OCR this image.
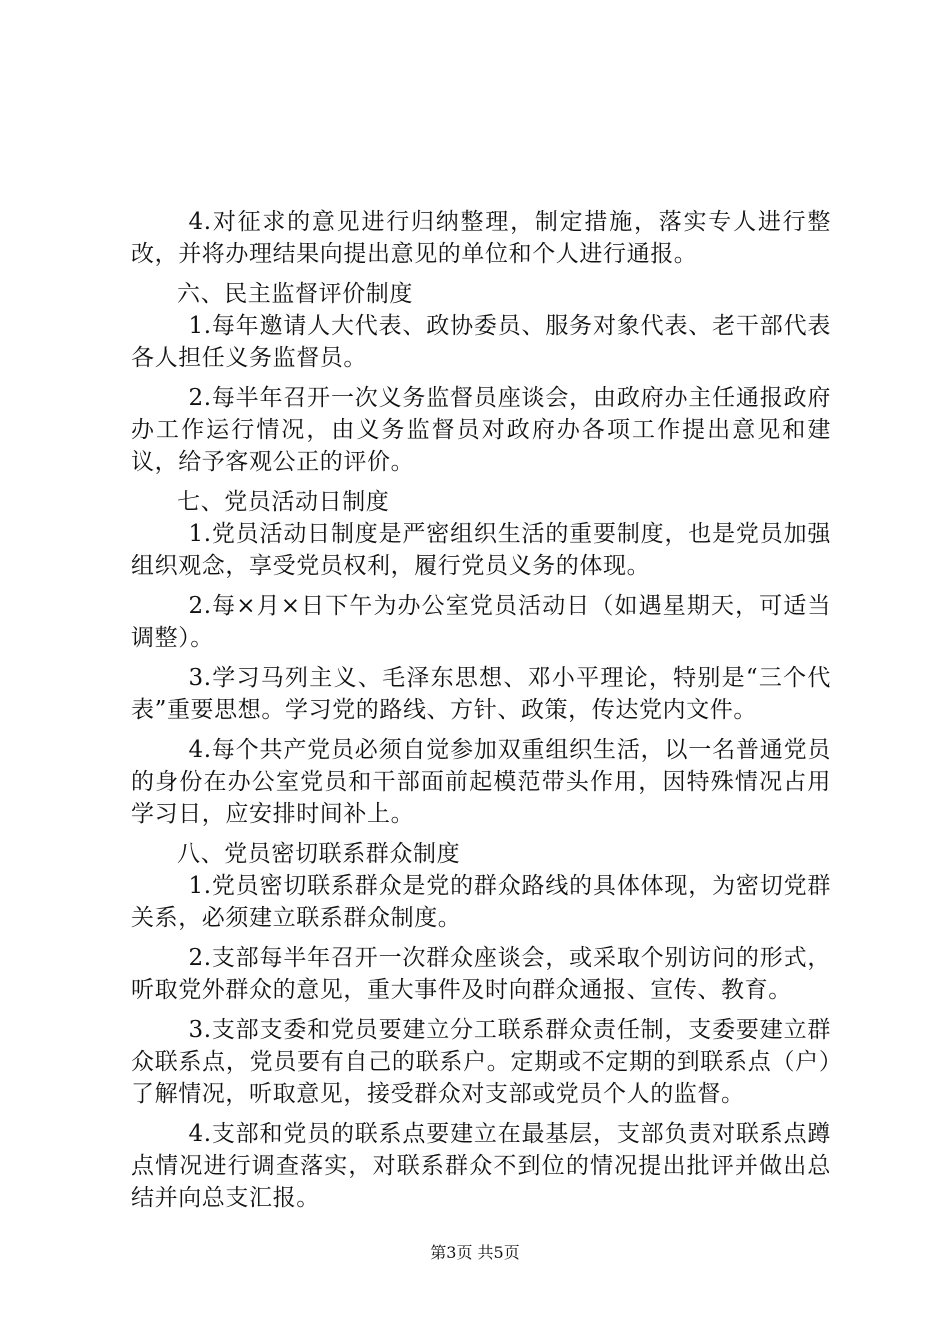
4.对征求的意见进行归纳整理，制定措施，落实专人进行整改，并将办理结果向提出意见的单位和个人进行通报。

六、民主监督评价制度

1.每年邀请人大代表、政协委员、服务对象代表、老干部代表各人担任义务监督员。

2.每半年召开一次义务监督员座谈会，由政府办主任通报政府办工作运行情况，由义务监督员对政府办各项工作提出意见和建议，给予客观公正的评价。

七、党员活动日制度

1.党员活动日制度是严密组织生活的重要制度，也是党员加强组织观念，享受党员权利，履行党员义务的体现。

2.每×月×日下午为办公室党员活动日（如遇星期天，可适当调整）。

3.学习马列主义、毛泽东思想、邓小平理论，特别是“三个代表”重要思想。学习党的路线、方针、政策，传达党内文件。

4.每个共产党员必须自觉参加双重组织生活，以一名普通党员的身份在办公室党员和干部面前起模范带头作用，因特殊情况占用学习日，应安排时间补上。

八、党员密切联系群众制度

1.党员密切联系群众是党的群众路线的具体体现，为密切党群关系，必须建立联系群众制度。

2.支部每半年召开一次群众座谈会，或采取个别访问的形式，听取党外群众的意见，重大事件及时向群众通报、宣传、教育。

3.支部支委和党员要建立分工联系群众责任制，支委要建立群众联系点，党员要有自己的联系户。定期或不定期的到联系点（户）了解情况，听取意见，接受群众对支部或党员个人的监督。

4.支部和党员的联系点要建立在最基层，支部负责对联系点蹲点情况进行调查落实，对联系群众不到位的情况提出批评并做出总结并向总支汇报。

第3页 共5页
